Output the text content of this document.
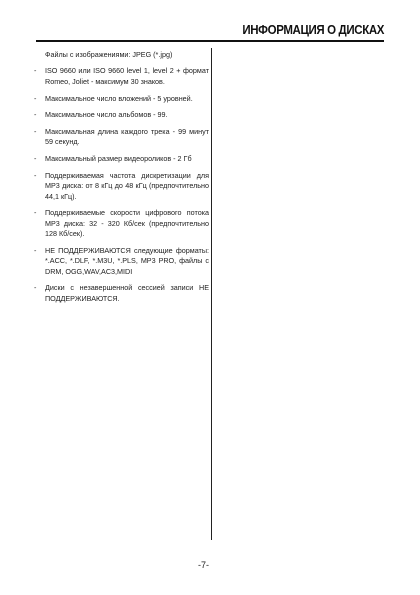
ИНФОРМАЦИЯ О ДИСКАХ
Файлы с изображениями: JPEG (*.jpg)
- ISO 9660 или ISO 9660 level 1, level 2 + формат Romeo, Joliet - максимум 30 знаков.
- Максимальное число вложений - 5 уровней.
- Максимальное число альбомов - 99.
- Максимальная длина каждого трека - 99 минут 59 секунд.
- Максимальный размер видеороликов - 2 Гб
- Поддерживаемая частота дискретизации для MP3 диска: от 8 кГц до 48 кГц (предпочтительно 44,1 кГц).
- Поддерживаемые скорости цифрового потока MP3 диска: 32 - 320 Кб/сек (предпочтительно 128 Кб/сек).
- НЕ ПОДДЕРЖИВАЮТСЯ следующие форматы: *.ACC, *.DLF, *.M3U, *.PLS, MP3 PRO, файлы с DRM, OGG,WAV,AC3,MIDI
- Диски с незавершенной сессией записи НЕ ПОДДЕРЖИВАЮТСЯ.
-7-
